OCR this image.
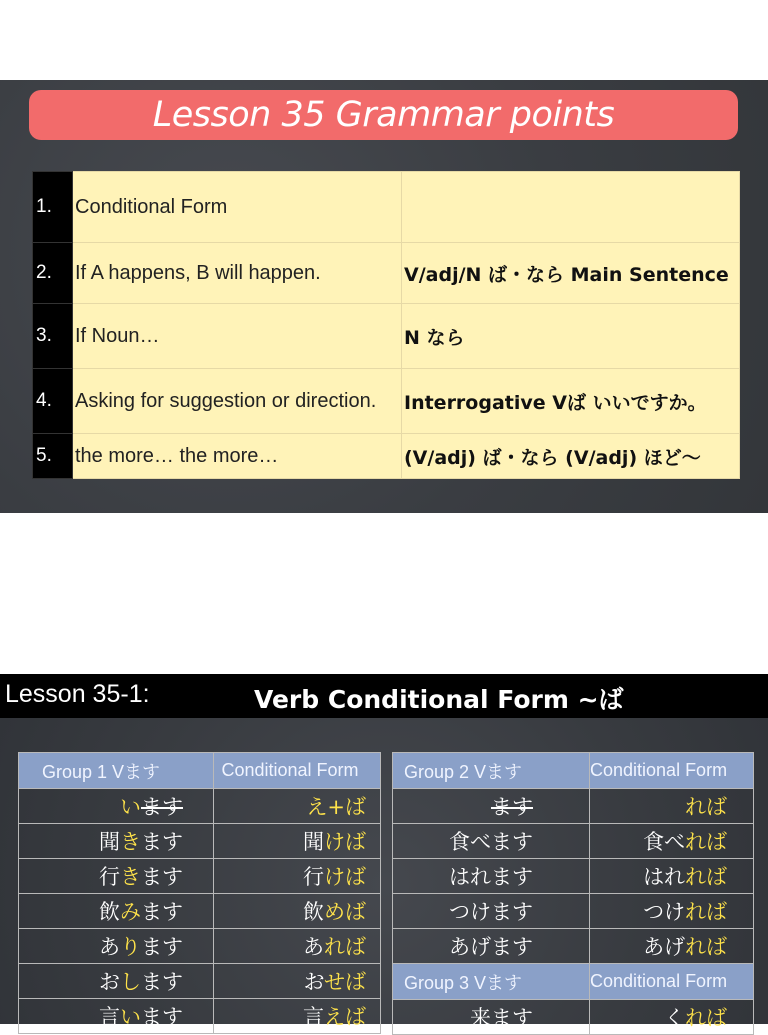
Lesson 35 Grammar points
1.	Conditional Form	
2.	If A happens, B will happen.	V/adj/N ば・なら Main Sentence
3.	If Noun…	N なら
4.	Asking for suggestion or direction.	Interrogative Vば いいですか。
5.	the more… the more…	(V/adj) ば・なら (V/adj) ほど〜
Lesson 35-1:	Verb Conditional Form ~ば
Group 1 Vます	Conditional Form
います	え+ば
聞きます	聞けば
行きます	行けば
飲みます	飲めば
あります	あれば
おします	おせば
言います	言えば
Group 2 Vます	Conditional Form
ます	れば
食べます	食べれば
はれます	はれれば
つけます	つければ
あげます	あげれば
Group 3 Vます	Conditional Form
来ます	くれば
